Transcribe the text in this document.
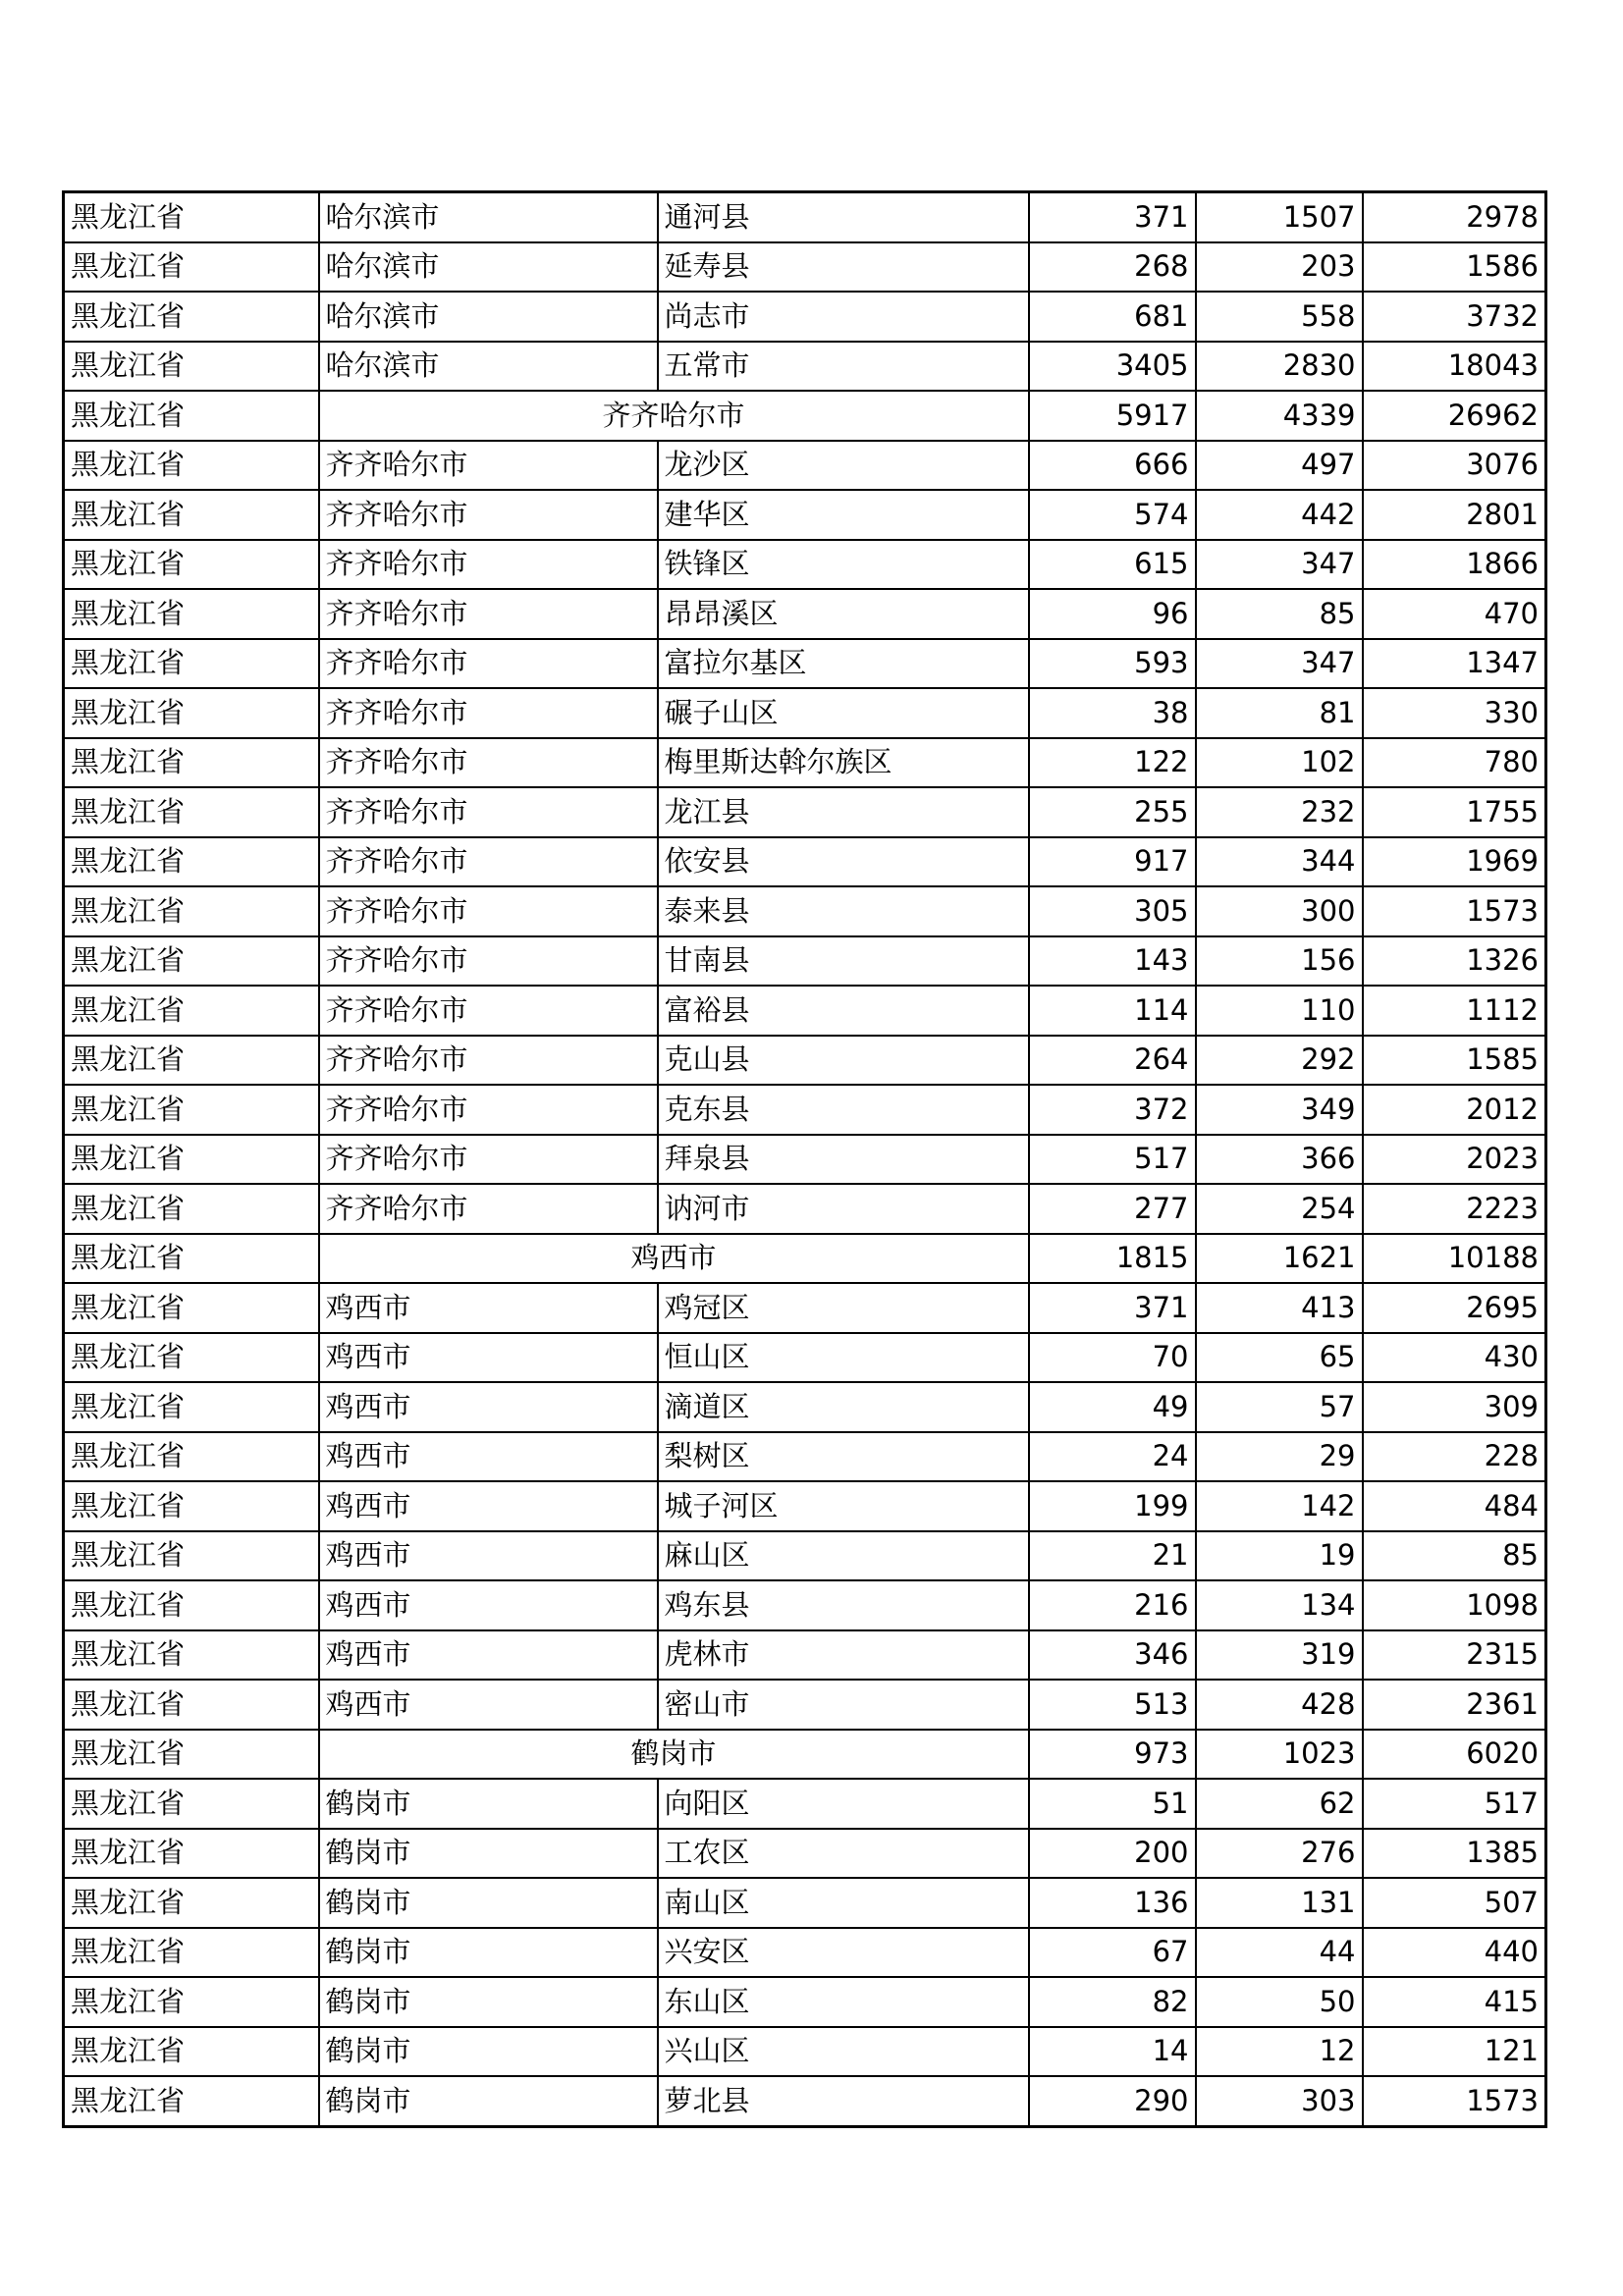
黑龙江省	哈尔滨市	通河县	371	1507	2978
黑龙江省	哈尔滨市	延寿县	268	203	1586
黑龙江省	哈尔滨市	尚志市	681	558	3732
黑龙江省	哈尔滨市	五常市	3405	2830	18043
黑龙江省	齐齐哈尔市		5917	4339	26962
黑龙江省	齐齐哈尔市	龙沙区	666	497	3076
黑龙江省	齐齐哈尔市	建华区	574	442	2801
黑龙江省	齐齐哈尔市	铁锋区	615	347	1866
黑龙江省	齐齐哈尔市	昂昂溪区	96	85	470
黑龙江省	齐齐哈尔市	富拉尔基区	593	347	1347
黑龙江省	齐齐哈尔市	碾子山区	38	81	330
黑龙江省	齐齐哈尔市	梅里斯达斡尔族区	122	102	780
黑龙江省	齐齐哈尔市	龙江县	255	232	1755
黑龙江省	齐齐哈尔市	依安县	917	344	1969
黑龙江省	齐齐哈尔市	泰来县	305	300	1573
黑龙江省	齐齐哈尔市	甘南县	143	156	1326
黑龙江省	齐齐哈尔市	富裕县	114	110	1112
黑龙江省	齐齐哈尔市	克山县	264	292	1585
黑龙江省	齐齐哈尔市	克东县	372	349	2012
黑龙江省	齐齐哈尔市	拜泉县	517	366	2023
黑龙江省	齐齐哈尔市	讷河市	277	254	2223
黑龙江省	鸡西市		1815	1621	10188
黑龙江省	鸡西市	鸡冠区	371	413	2695
黑龙江省	鸡西市	恒山区	70	65	430
黑龙江省	鸡西市	滴道区	49	57	309
黑龙江省	鸡西市	梨树区	24	29	228
黑龙江省	鸡西市	城子河区	199	142	484
黑龙江省	鸡西市	麻山区	21	19	85
黑龙江省	鸡西市	鸡东县	216	134	1098
黑龙江省	鸡西市	虎林市	346	319	2315
黑龙江省	鸡西市	密山市	513	428	2361
黑龙江省	鹤岗市		973	1023	6020
黑龙江省	鹤岗市	向阳区	51	62	517
黑龙江省	鹤岗市	工农区	200	276	1385
黑龙江省	鹤岗市	南山区	136	131	507
黑龙江省	鹤岗市	兴安区	67	44	440
黑龙江省	鹤岗市	东山区	82	50	415
黑龙江省	鹤岗市	兴山区	14	12	121
黑龙江省	鹤岗市	萝北县	290	303	1573
